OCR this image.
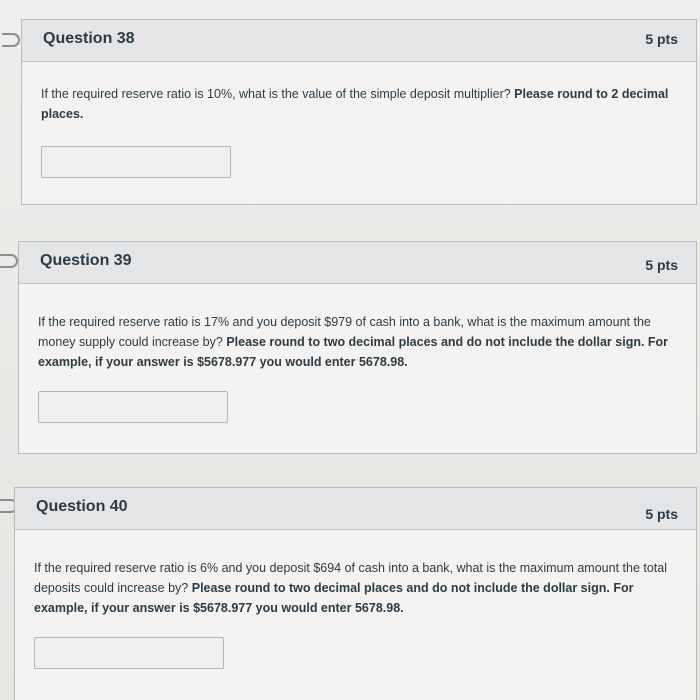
Question 38	5 pts
If the required reserve ratio is 10%, what is the value of the simple deposit multiplier? Please round to 2 decimal places.
Question 39	5 pts
If the required reserve ratio is 17% and you deposit $979 of cash into a bank, what is the maximum amount the money supply could increase by? Please round to two decimal places and do not include the dollar sign. For example, if your answer is $5678.977 you would enter 5678.98.
Question 40	5 pts
If the required reserve ratio is 6% and you deposit $694 of cash into a bank, what is the maximum amount the total deposits could increase by? Please round to two decimal places and do not include the dollar sign. For example, if your answer is $5678.977 you would enter 5678.98.
